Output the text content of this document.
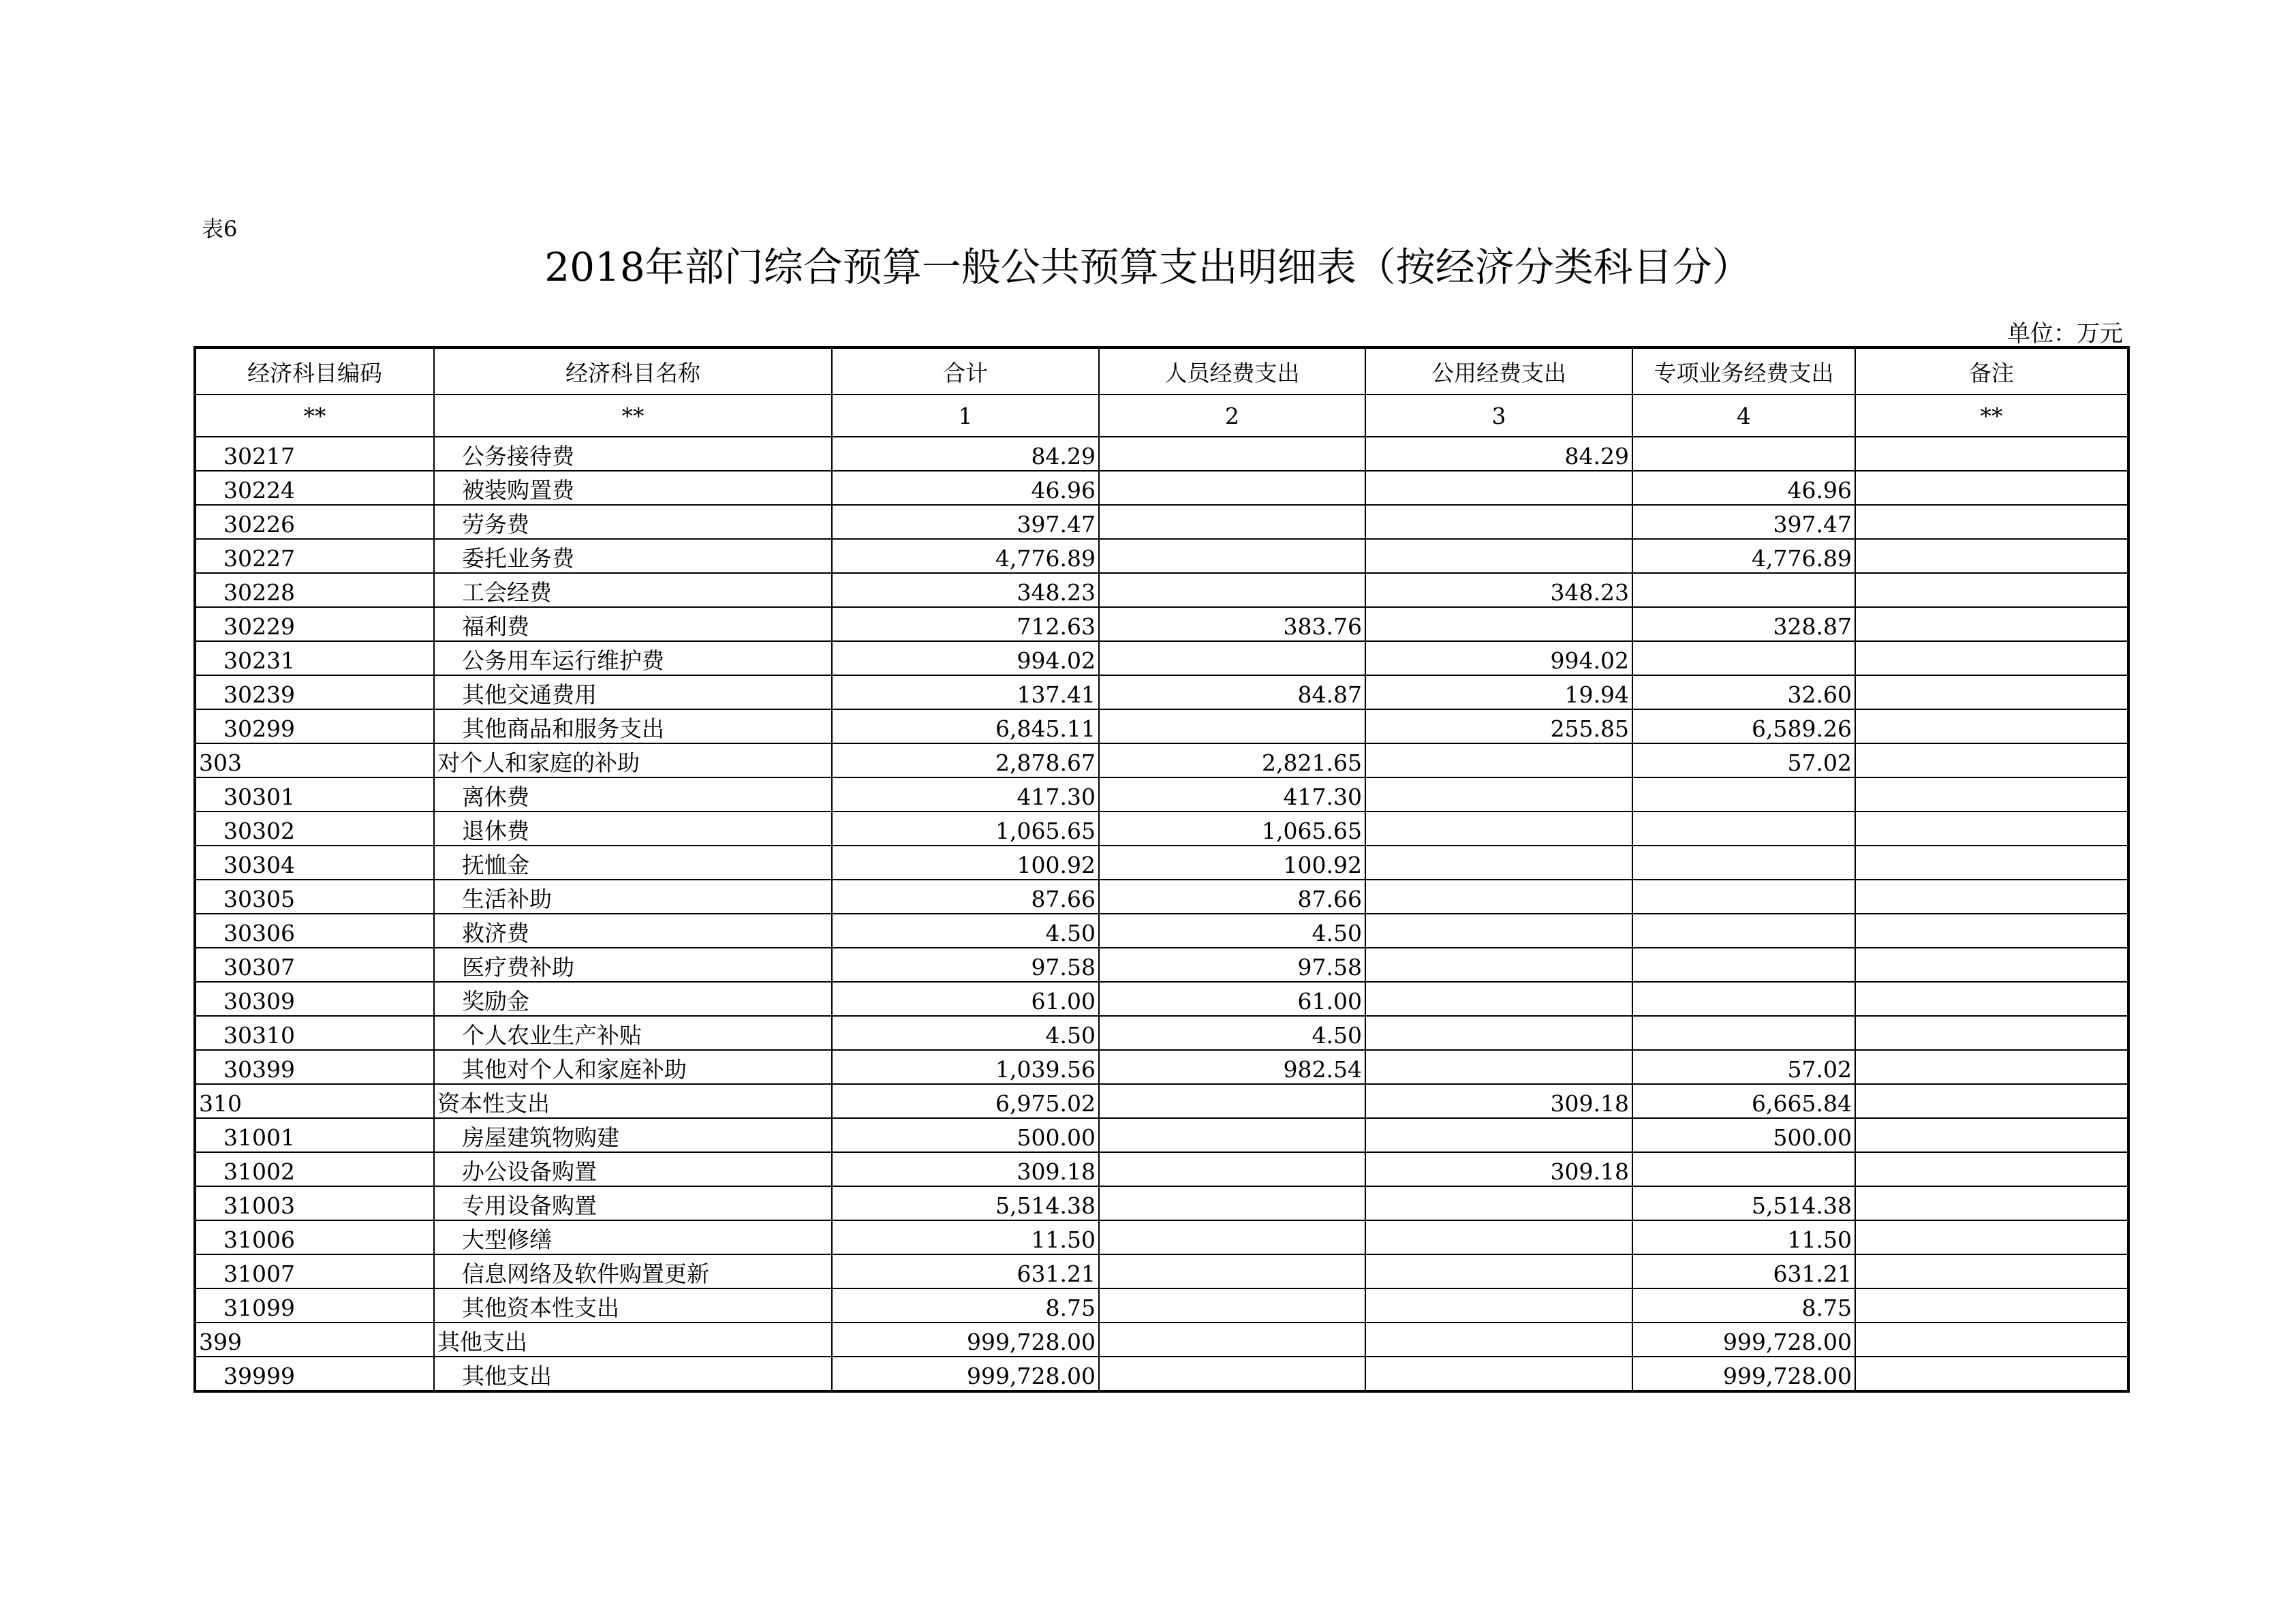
表6
2018年部门综合预算一般公共预算支出明细表（按经济分类科目分）
单位：万元
经济科目编码	经济科目名称	合计	人员经费支出	公用经费支出	专项业务经费支出	备注
**	**	1	2	3	4	**
30217	公务接待费	84.29		84.29		
30224	被装购置费	46.96			46.96	
30226	劳务费	397.47			397.47	
30227	委托业务费	4,776.89			4,776.89	
30228	工会经费	348.23		348.23		
30229	福利费	712.63	383.76		328.87	
30231	公务用车运行维护费	994.02		994.02		
30239	其他交通费用	137.41	84.87	19.94	32.60	
30299	其他商品和服务支出	6,845.11		255.85	6,589.26	
303	对个人和家庭的补助	2,878.67	2,821.65		57.02	
30301	离休费	417.30	417.30			
30302	退休费	1,065.65	1,065.65			
30304	抚恤金	100.92	100.92			
30305	生活补助	87.66	87.66			
30306	救济费	4.50	4.50			
30307	医疗费补助	97.58	97.58			
30309	奖励金	61.00	61.00			
30310	个人农业生产补贴	4.50	4.50			
30399	其他对个人和家庭补助	1,039.56	982.54		57.02	
310	资本性支出	6,975.02		309.18	6,665.84	
31001	房屋建筑物购建	500.00			500.00	
31002	办公设备购置	309.18		309.18		
31003	专用设备购置	5,514.38			5,514.38	
31006	大型修缮	11.50			11.50	
31007	信息网络及软件购置更新	631.21			631.21	
31099	其他资本性支出	8.75			8.75	
399	其他支出	999,728.00			999,728.00	
39999	其他支出	999,728.00			999,728.00	
